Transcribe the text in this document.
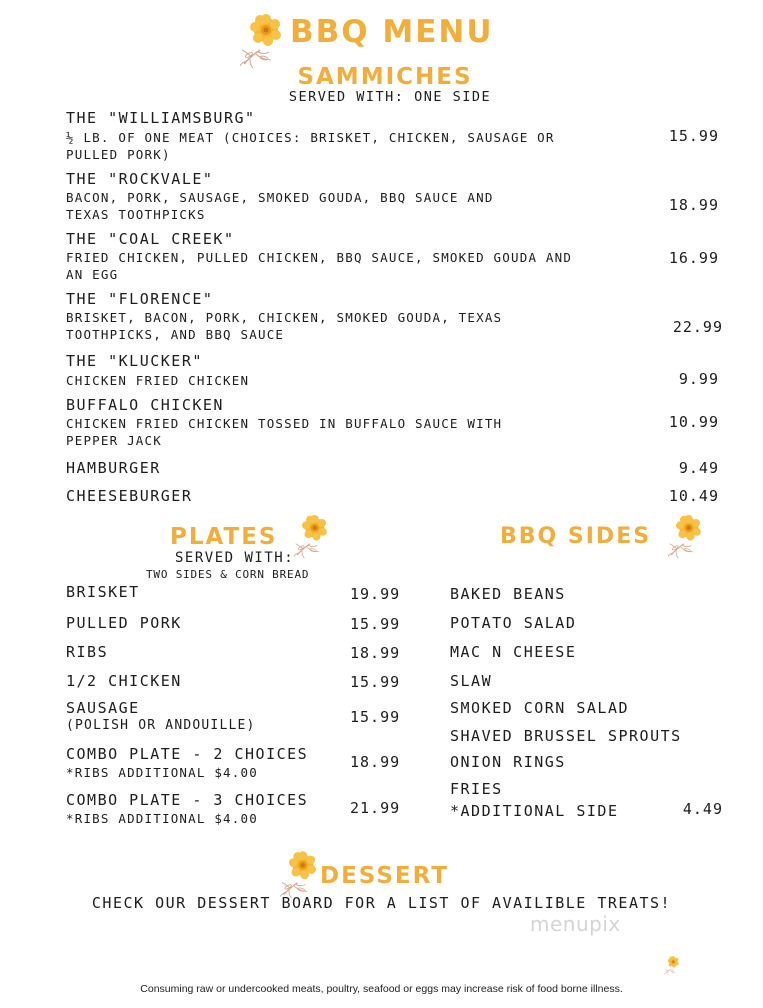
BBQ MENU
SAMMICHES
SERVED WITH: ONE SIDE
THE "WILLIAMSBURG"
½ LB. OF ONE MEAT (CHOICES: BRISKET, CHICKEN, SAUSAGE OR
PULLED PORK)
15.99
THE "ROCKVALE"
BACON, PORK, SAUSAGE, SMOKED GOUDA, BBQ SAUCE AND
TEXAS TOOTHPICKS
18.99
THE "COAL CREEK"
FRIED CHICKEN, PULLED CHICKEN, BBQ SAUCE, SMOKED GOUDA AND
AN EGG
16.99
THE "FLORENCE"
BRISKET, BACON, PORK, CHICKEN, SMOKED GOUDA, TEXAS
TOOTHPICKS, AND BBQ SAUCE	22.99
THE "KLUCKER"
CHICKEN FRIED CHICKEN	9.99
BUFFALO CHICKEN
CHICKEN FRIED CHICKEN TOSSED IN BUFFALO SAUCE WITH
PEPPER JACK
10.99
HAMBURGER	9.49
CHEESEBURGER	10.49
PLATES
SERVED WITH:
TWO SIDES & CORN BREAD
BRISKET	19.99
PULLED PORK	15.99
RIBS	18.99
1/2 CHICKEN	15.99
SAUSAGE
(POLISH OR ANDOUILLE)	15.99
COMBO PLATE - 2 CHOICES
*RIBS ADDITIONAL $4.00
18.99
COMBO PLATE - 3 CHOICES
*RIBS ADDITIONAL $4.00
21.99
BBQ SIDES
BAKED BEANS
POTATO SALAD
MAC N CHEESE
SLAW
SMOKED CORN SALAD
SHAVED BRUSSEL SPROUTS
ONION RINGS
FRIES
*ADDITIONAL SIDE	4.49
DESSERT
CHECK OUR DESSERT BOARD FOR A LIST OF AVAILIBLE TREATS!
menupix
Consuming raw or undercooked meats, poultry, seafood or eggs may increase risk of food borne illness.
